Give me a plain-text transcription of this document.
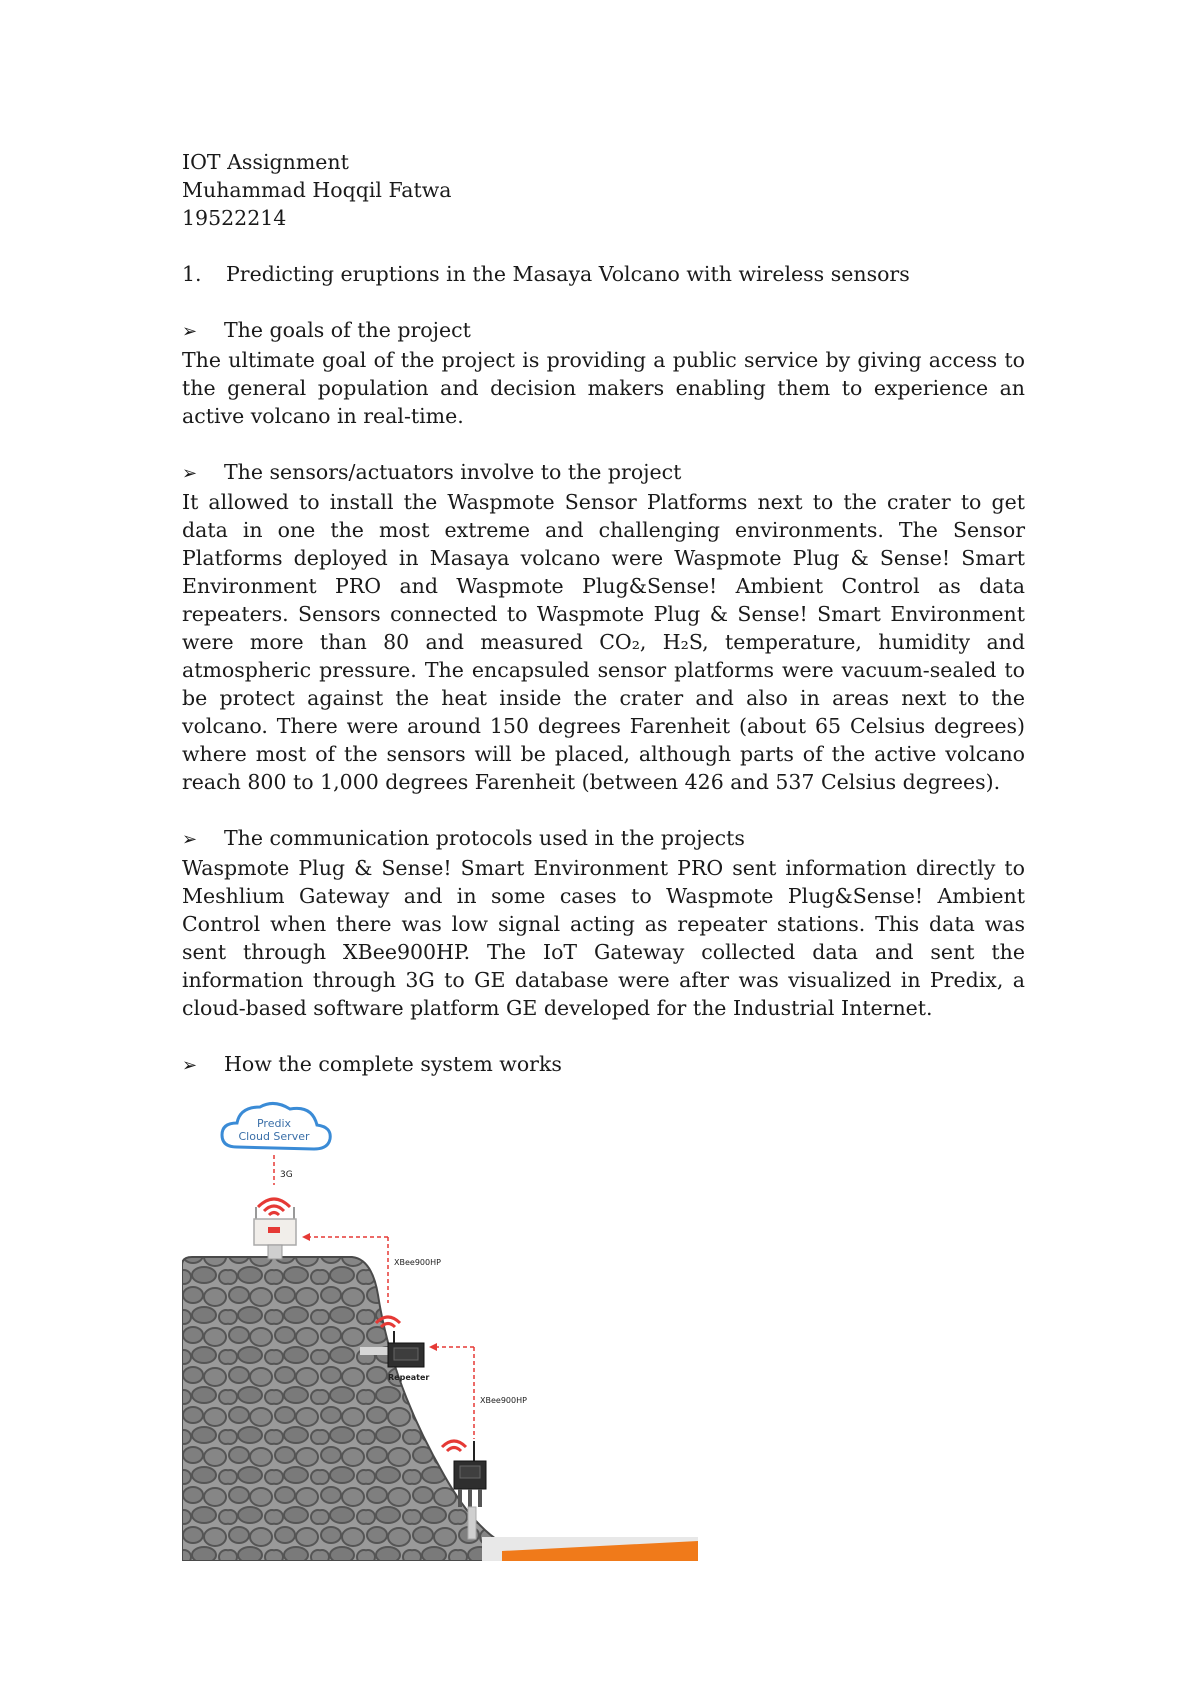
IOT Assignment
Muhammad Hoqqil Fatwa
19522214
1.	Predicting eruptions in the Masaya Volcano with wireless sensors
➢	The goals of the project

The ultimate goal of the project is providing a public service by giving access to the general population and decision makers enabling them to experience an active volcano in real-time.

➢	The sensors/actuators involve to the project

It allowed to install the Waspmote Sensor Platforms next to the crater to get data in one the most extreme and challenging environments. The Sensor Platforms deployed in Masaya volcano were Waspmote Plug & Sense! Smart Environment PRO and Waspmote Plug&Sense! Ambient Control as data repeaters. Sensors connected to Waspmote Plug & Sense! Smart Environment were more than 80 and measured CO₂, H₂S, temperature, humidity and atmospheric pressure. The encapsuled sensor platforms were vacuum-sealed to be protect against the heat inside the crater and also in areas next to the volcano. There were around 150 degrees Farenheit (about 65 Celsius degrees) where most of the sensors will be placed, although parts of the active volcano reach 800 to 1,000 degrees Farenheit (between 426 and 537 Celsius degrees).

➢	The communication protocols used in the projects

Waspmote Plug & Sense! Smart Environment PRO sent information directly to Meshlium Gateway and in some cases to Waspmote Plug&Sense! Ambient Control when there was low signal acting as repeater stations. This data was sent through XBee900HP. The IoT Gateway collected data and sent the information through 3G to GE database were after was visualized in Predix, a cloud-based software platform GE developed for the Industrial Internet.

➢	How the complete system works
Predix
Cloud Server
3G
XBee900HP
Repeater
XBee900HP
